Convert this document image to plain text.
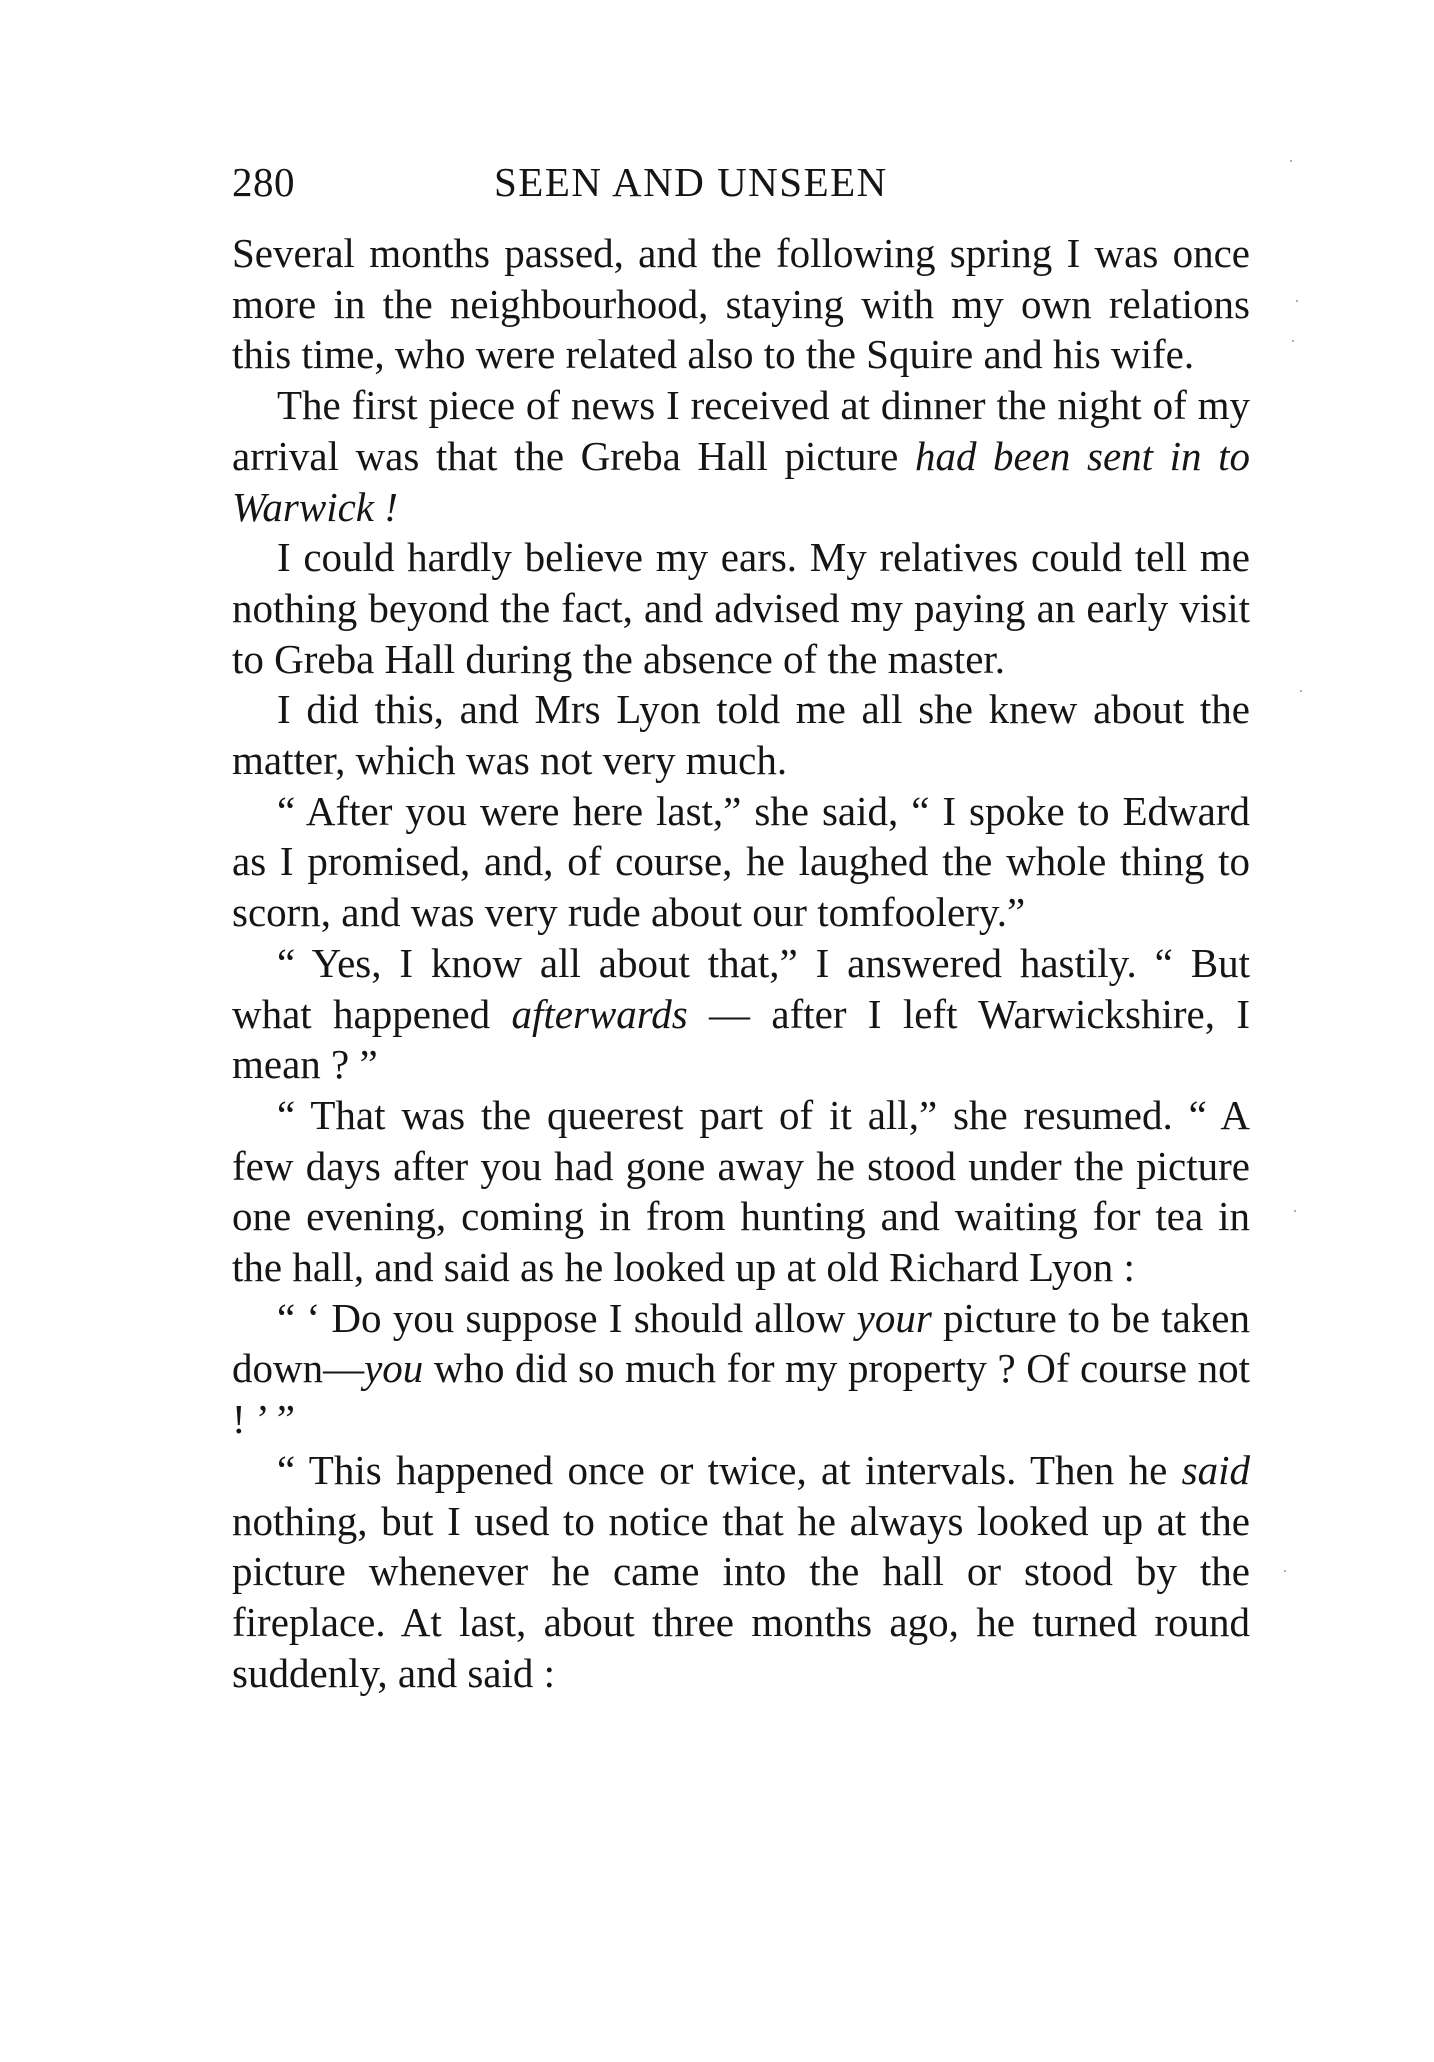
280	SEEN AND UNSEEN

Several months passed, and the following spring I was once more in the neighbourhood, staying with my own relations this time, who were related also to the Squire and his wife.

The first piece of news I received at dinner the night of my arrival was that the Greba Hall picture had been sent in to Warwick !

I could hardly believe my ears. My relatives could tell me nothing beyond the fact, and advised my paying an early visit to Greba Hall during the absence of the master.

I did this, and Mrs Lyon told me all she knew about the matter, which was not very much.

“ After you were here last,” she said, “ I spoke to Edward as I promised, and, of course, he laughed the whole thing to scorn, and was very rude about our tomfoolery.”

“ Yes, I know all about that,” I answered hastily. “ But what happened afterwards — after I left Warwickshire, I mean ? ”

“ That was the queerest part of it all,” she resumed. “ A few days after you had gone away he stood under the picture one evening, coming in from hunting and waiting for tea in the hall, and said as he looked up at old Richard Lyon :

“ ‘ Do you suppose I should allow your picture to be taken down—you who did so much for my property ? Of course not ! ’ ”

“ This happened once or twice, at intervals. Then he said nothing, but I used to notice that he always looked up at the picture whenever he came into the hall or stood by the fireplace. At last, about three months ago, he turned round suddenly, and said :
